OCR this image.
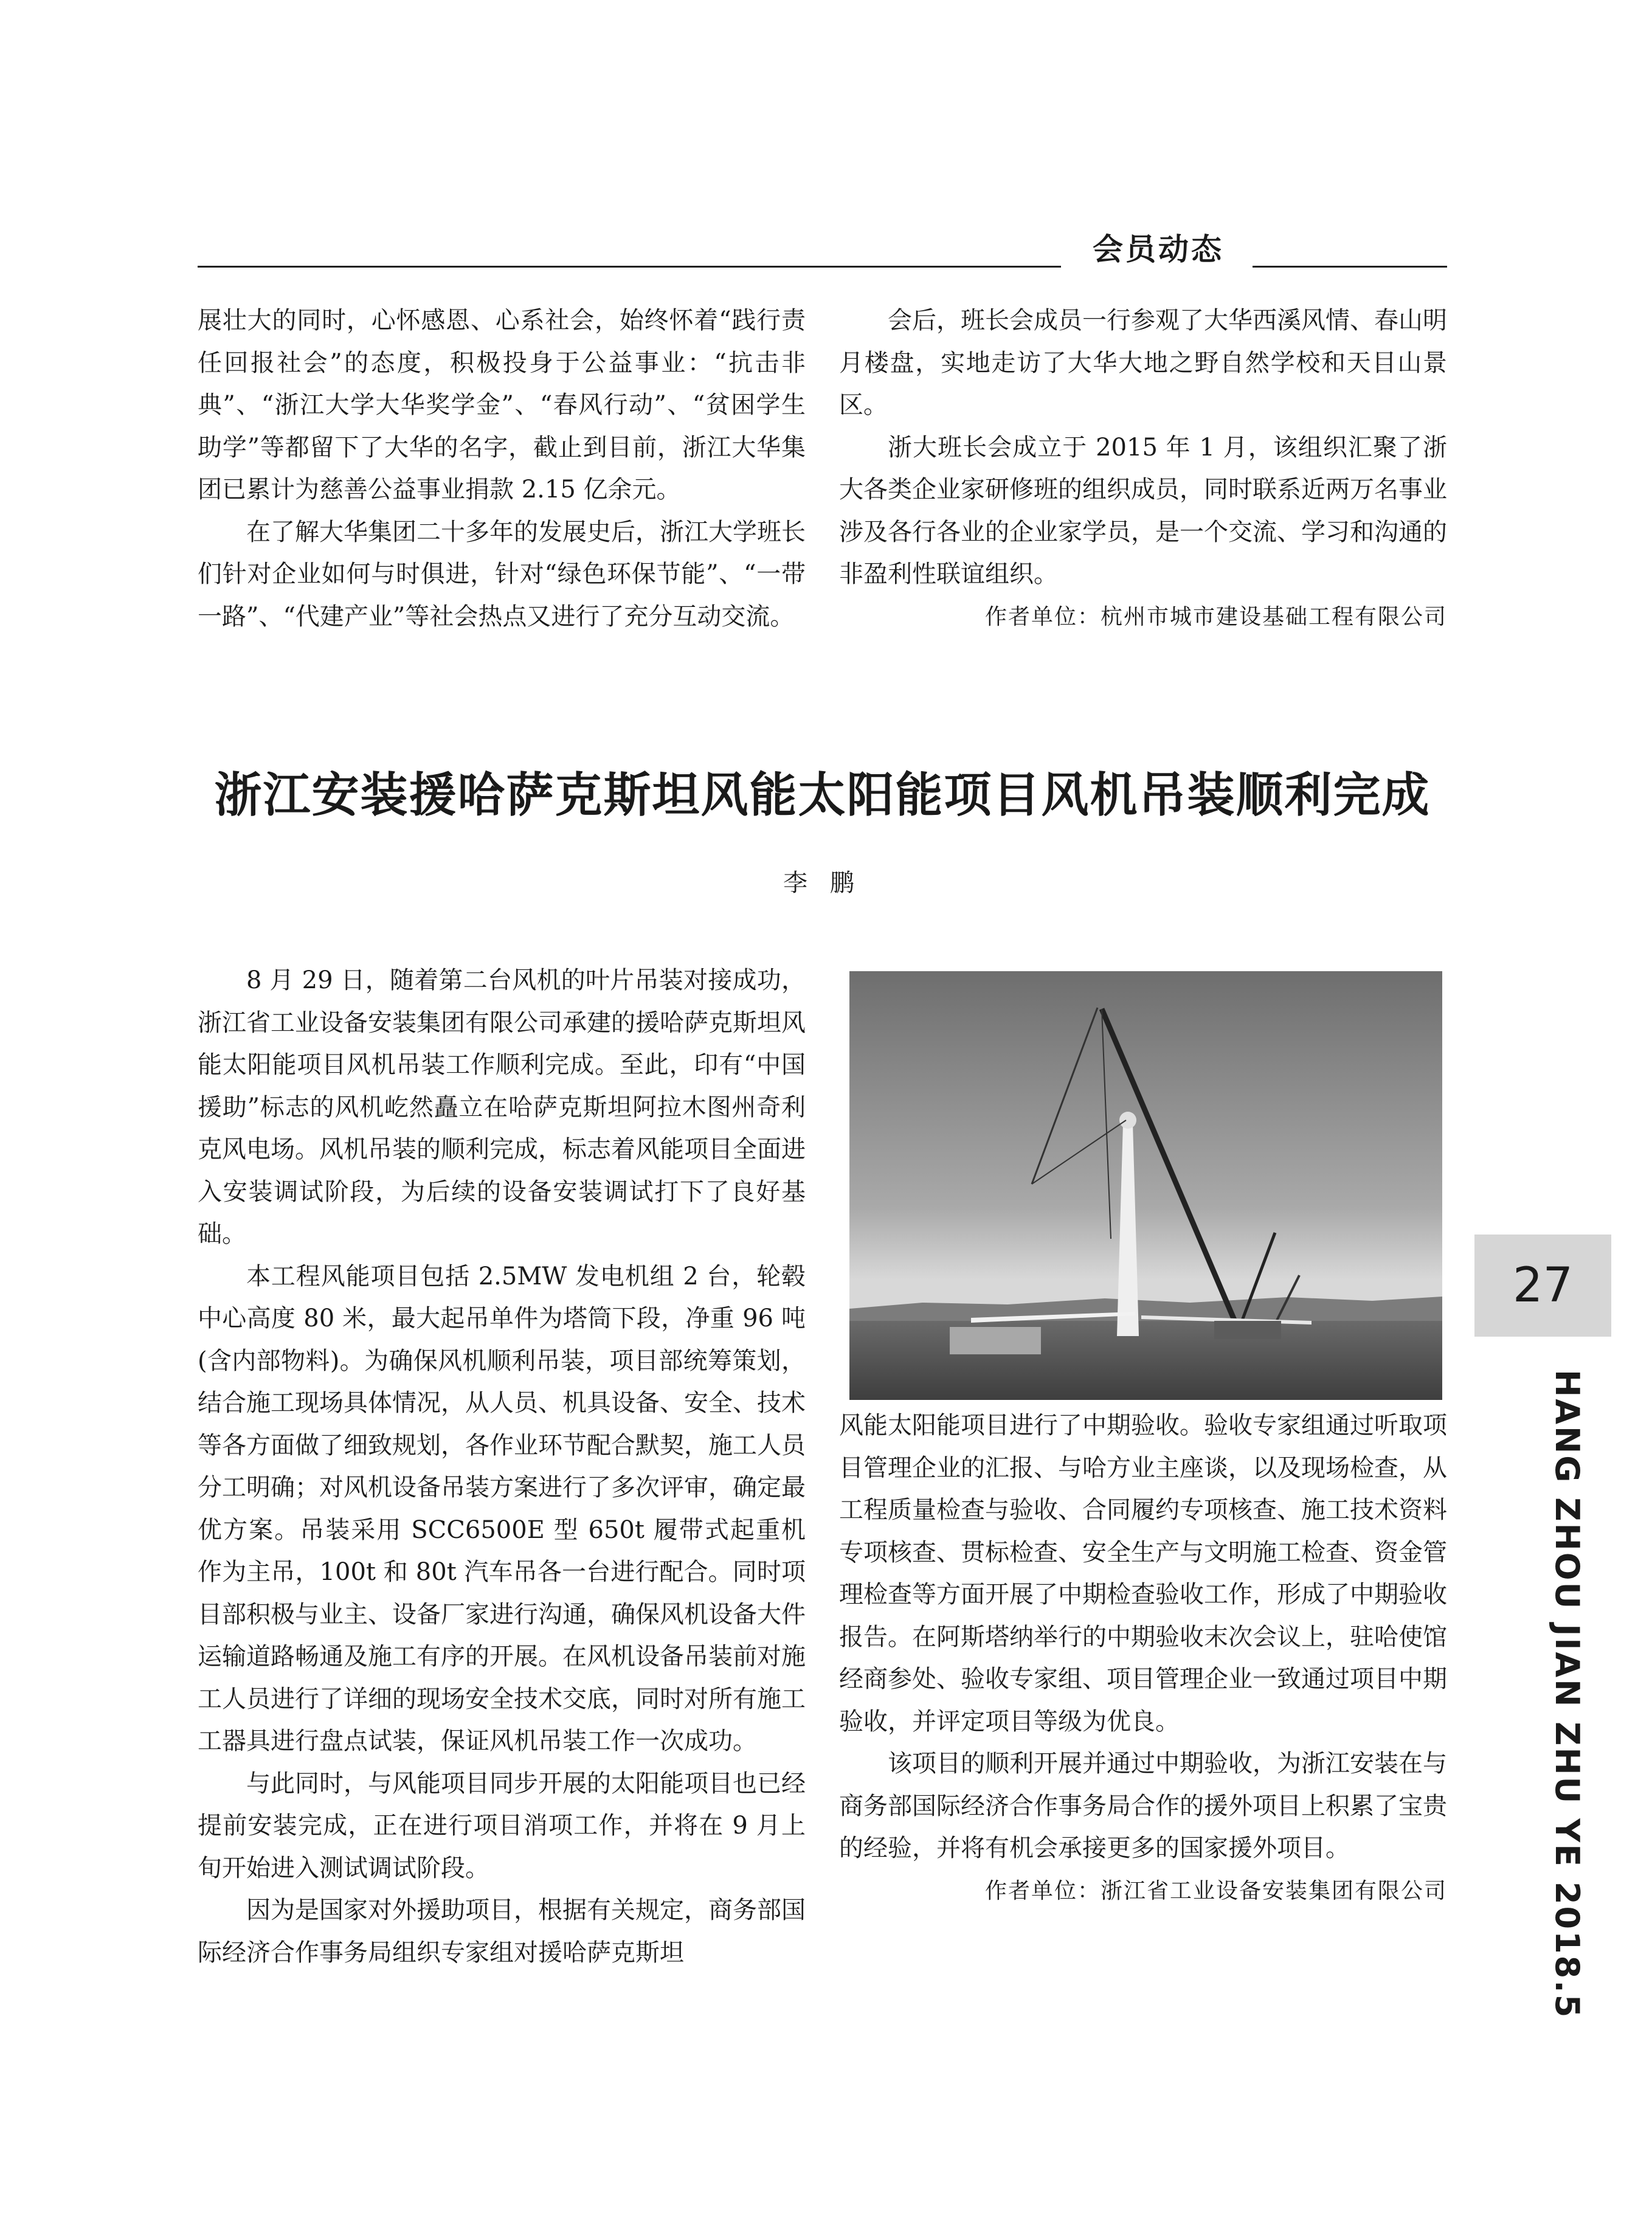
会员动态

展壮大的同时，心怀感恩、心系社会，始终怀着“践行责任回报社会”的态度，积极投身于公益事业：“抗击非典”、“浙江大学大华奖学金”、“春风行动”、“贫困学生助学”等都留下了大华的名字，截止到目前，浙江大华集团已累计为慈善公益事业捐款 2.15 亿余元。

在了解大华集团二十多年的发展史后，浙江大学班长们针对企业如何与时俱进，针对“绿色环保节能”、“一带一路”、“代建产业”等社会热点又进行了充分互动交流。

会后，班长会成员一行参观了大华西溪风情、春山明月楼盘，实地走访了大华大地之野自然学校和天目山景区。

浙大班长会成立于 2015 年 1 月，该组织汇聚了浙大各类企业家研修班的组织成员，同时联系近两万名事业涉及各行各业的企业家学员，是一个交流、学习和沟通的非盈利性联谊组织。

作者单位：杭州市城市建设基础工程有限公司

浙江安装援哈萨克斯坦风能太阳能项目风机吊装顺利完成
李 鹏

8 月 29 日，随着第二台风机的叶片吊装对接成功，浙江省工业设备安装集团有限公司承建的援哈萨克斯坦风能太阳能项目风机吊装工作顺利完成。至此，印有“中国援助”标志的风机屹然矗立在哈萨克斯坦阿拉木图州奇利克风电场。风机吊装的顺利完成，标志着风能项目全面进入安装调试阶段，为后续的设备安装调试打下了良好基础。

本工程风能项目包括 2.5MW 发电机组 2 台，轮毂中心高度 80 米，最大起吊单件为塔筒下段，净重 96 吨(含内部物料)。为确保风机顺利吊装，项目部统筹策划，结合施工现场具体情况，从人员、机具设备、安全、技术等各方面做了细致规划，各作业环节配合默契，施工人员分工明确；对风机设备吊装方案进行了多次评审，确定最优方案。吊装采用 SCC6500E 型 650t 履带式起重机作为主吊，100t 和 80t 汽车吊各一台进行配合。同时项目部积极与业主、设备厂家进行沟通，确保风机设备大件运输道路畅通及施工有序的开展。在风机设备吊装前对施工人员进行了详细的现场安全技术交底，同时对所有施工工器具进行盘点试装，保证风机吊装工作一次成功。

与此同时，与风能项目同步开展的太阳能项目也已经提前安装完成，正在进行项目消项工作，并将在 9 月上旬开始进入测试调试阶段。

因为是国家对外援助项目，根据有关规定，商务部国际经济合作事务局组织专家组对援哈萨克斯坦

风能太阳能项目进行了中期验收。验收专家组通过听取项目管理企业的汇报、与哈方业主座谈，以及现场检查，从工程质量检查与验收、合同履约专项核查、施工技术资料专项核查、贯标检查、安全生产与文明施工检查、资金管理检查等方面开展了中期检查验收工作，形成了中期验收报告。在阿斯塔纳举行的中期验收末次会议上，驻哈使馆经商参处、验收专家组、项目管理企业一致通过项目中期验收，并评定项目等级为优良。

该项目的顺利开展并通过中期验收，为浙江安装在与商务部国际经济合作事务局合作的援外项目上积累了宝贵的经验，并将有机会承接更多的国家援外项目。

作者单位：浙江省工业设备安装集团有限公司

27
HANG ZHOU JIAN ZHU YE 2018.5
